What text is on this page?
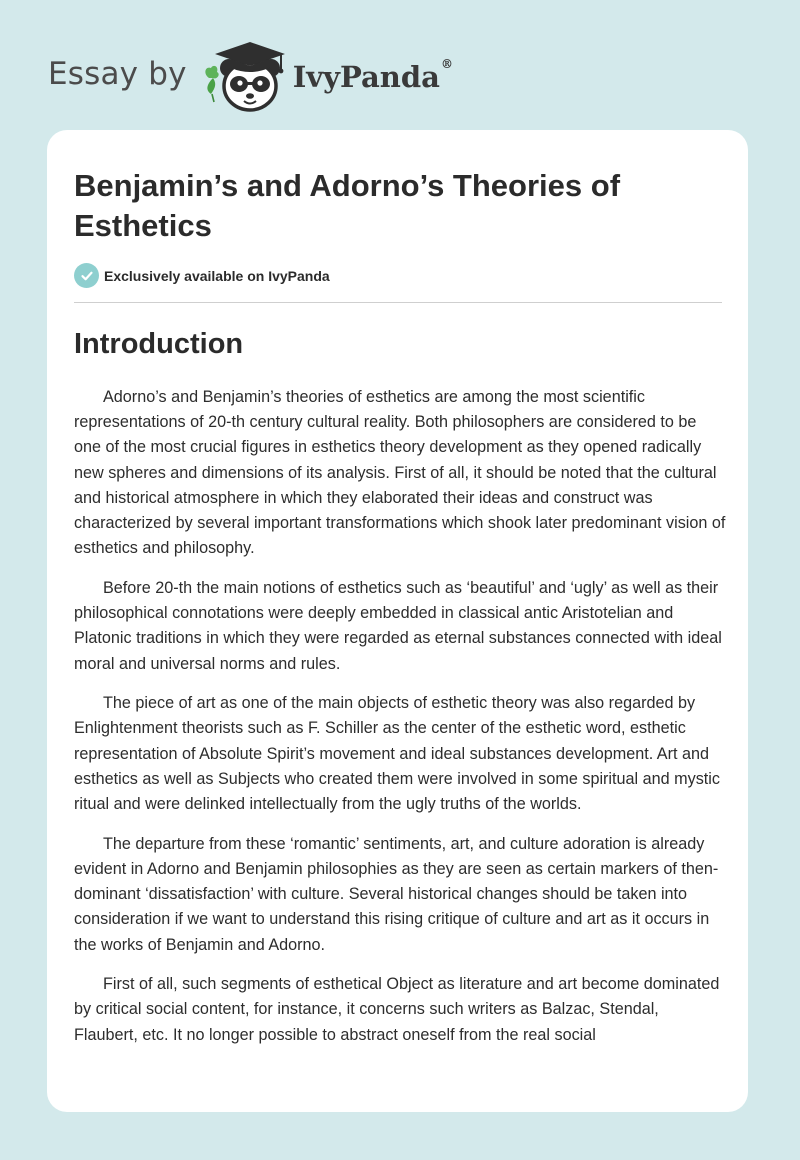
Essay by	IvyPanda®
Benjamin’s and Adorno’s Theories of Esthetics
Exclusively available on IvyPanda
Introduction

Adorno’s and Benjamin’s theories of esthetics are among the most scientific representations of 20-th century cultural reality. Both philosophers are considered to be one of the most crucial figures in esthetics theory development as they opened radically new spheres and dimensions of its analysis. First of all, it should be noted that the cultural and historical atmosphere in which they elaborated their ideas and construct was characterized by several important transformations which shook later predominant vision of esthetics and philosophy.

Before 20-th the main notions of esthetics such as ‘beautiful’ and ‘ugly’ as well as their philosophical connotations were deeply embedded in classical antic Aristotelian and Platonic traditions in which they were regarded as eternal substances connected with ideal moral and universal norms and rules.

The piece of art as one of the main objects of esthetic theory was also regarded by Enlightenment theorists such as F. Schiller as the center of the esthetic word, esthetic representation of Absolute Spirit’s movement and ideal substances development. Art and esthetics as well as Subjects who created them were involved in some spiritual and mystic ritual and were delinked intellectually from the ugly truths of the worlds.

The departure from these ‘romantic’ sentiments, art, and culture adoration is already evident in Adorno and Benjamin philosophies as they are seen as certain markers of then-dominant ‘dissatisfaction’ with culture. Several historical changes should be taken into consideration if we want to understand this rising critique of culture and art as it occurs in the works of Benjamin and Adorno.

First of all, such segments of esthetical Object as literature and art become dominated by critical social content, for instance, it concerns such writers as Balzac, Stendal, Flaubert, etc. It no longer possible to abstract oneself from the real social
